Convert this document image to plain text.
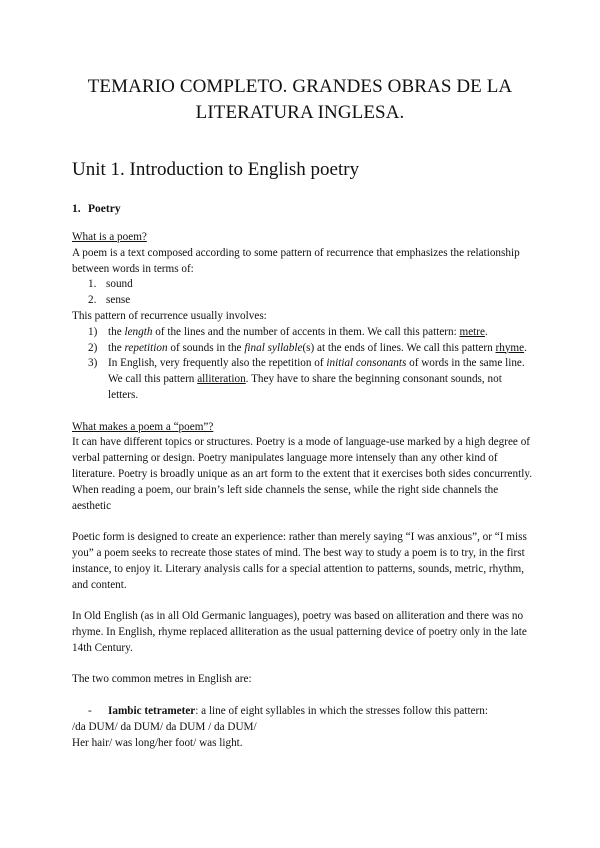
TEMARIO COMPLETO. GRANDES OBRAS DE LA
LITERATURA INGLESA.
Unit 1. Introduction to English poetry
1. Poetry

What is a poem?

A poem is a text composed according to some pattern of recurrence that emphasizes the relationship between words in terms of:

1. sound
2. sense

This pattern of recurrence usually involves:

1) the length of the lines and the number of accents in them. We call this pattern: metre.
2) the repetition of sounds in the final syllable(s) at the ends of lines. We call this pattern rhyme.
3) In English, very frequently also the repetition of initial consonants of words in the same line. We call this pattern alliteration. They have to share the beginning consonant sounds, not letters.

What makes a poem a “poem”?

It can have different topics or structures. Poetry is a mode of language-use marked by a high degree of verbal patterning or design. Poetry manipulates language more intensely than any other kind of literature. Poetry is broadly unique as an art form to the extent that it exercises both sides concurrently. When reading a poem, our brain’s left side channels the sense, while the right side channels the aesthetic

Poetic form is designed to create an experience: rather than merely saying “I was anxious”, or “I miss you” a poem seeks to recreate those states of mind. The best way to study a poem is to try, in the first instance, to enjoy it. Literary analysis calls for a special attention to patterns, sounds, metric, rhythm, and content.

In Old English (as in all Old Germanic languages), poetry was based on alliteration and there was no rhyme. In English, rhyme replaced alliteration as the usual patterning device of poetry only in the late 14th Century.

The two common metres in English are:

- Iambic tetrameter: a line of eight syllables in which the stresses follow this pattern:

/da DUM/ da DUM/ da DUM / da DUM/

Her hair/ was long/her foot/ was light.
